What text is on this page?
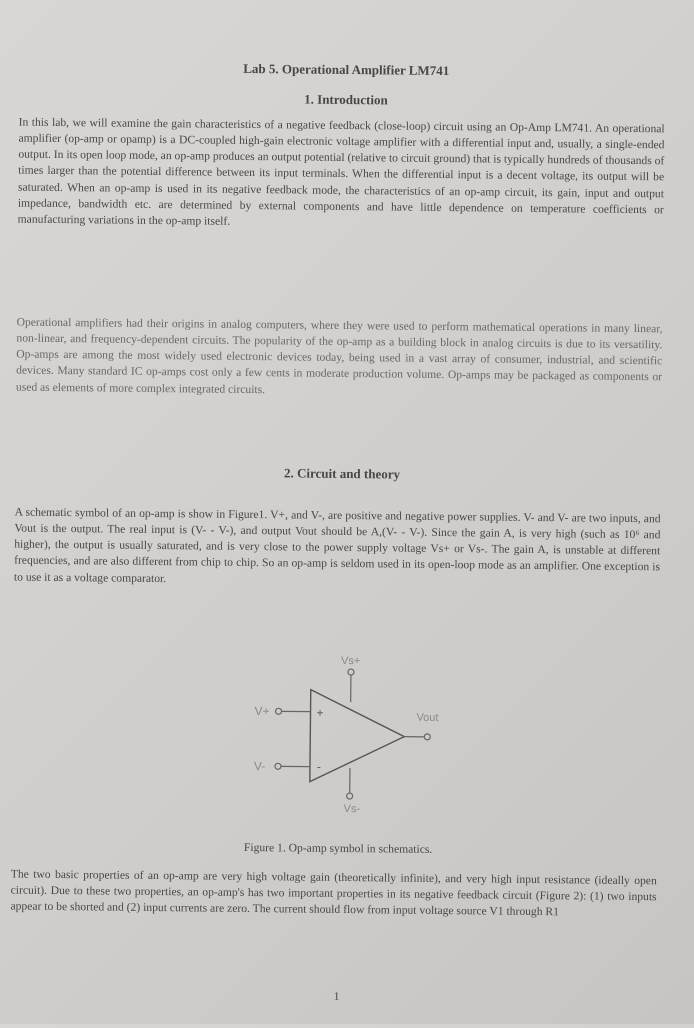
Lab 5. Operational Amplifier LM741
1. Introduction

In this lab, we will examine the gain characteristics of a negative feedback (close-loop) circuit using an Op-Amp LM741. An operational amplifier (op-amp or opamp) is a DC-coupled high-gain electronic voltage amplifier with a differential input and, usually, a single-ended output. In its open loop mode, an op-amp produces an output potential (relative to circuit ground) that is typically hundreds of thousands of times larger than the potential difference between its input terminals. When the differential input is a decent voltage, its output will be saturated. When an op-amp is used in its negative feedback mode, the characteristics of an op-amp circuit, its gain, input and output impedance, bandwidth etc. are determined by external components and have little dependence on temperature coefficients or manufacturing variations in the op-amp itself.

Operational amplifiers had their origins in analog computers, where they were used to perform mathematical operations in many linear, non-linear, and frequency-dependent circuits. The popularity of the op-amp as a building block in analog circuits is due to its versatility. Op-amps are among the most widely used electronic devices today, being used in a vast array of consumer, industrial, and scientific devices. Many standard IC op-amps cost only a few cents in moderate production volume. Op-amps may be packaged as components or used as elements of more complex integrated circuits.

2. Circuit and theory

A schematic symbol of an op-amp is show in Figure1. V+, and V-, are positive and negative power supplies. V- and V- are two inputs, and Vout is the output. The real input is (V- - V-), and output Vout should be A,(V- - V-). Since the gain A, is very high (such as 10⁶ and higher), the output is usually saturated, and is very close to the power supply voltage Vs+ or Vs-. The gain A, is unstable at different frequencies, and are also different from chip to chip. So an op-amp is seldom used in its open-loop mode as an amplifier. One exception is to use it as a voltage comparator.

Vs+
Vs-
V+	+
V-	-
Vout
Figure 1. Op-amp symbol in schematics.

The two basic properties of an op-amp are very high voltage gain (theoretically infinite), and very high input resistance (ideally open circuit). Due to these two properties, an op-amp's has two important properties in its negative feedback circuit (Figure 2): (1) two inputs appear to be shorted and (2) input currents are zero. The current should flow from input voltage source V1 through R1

1
